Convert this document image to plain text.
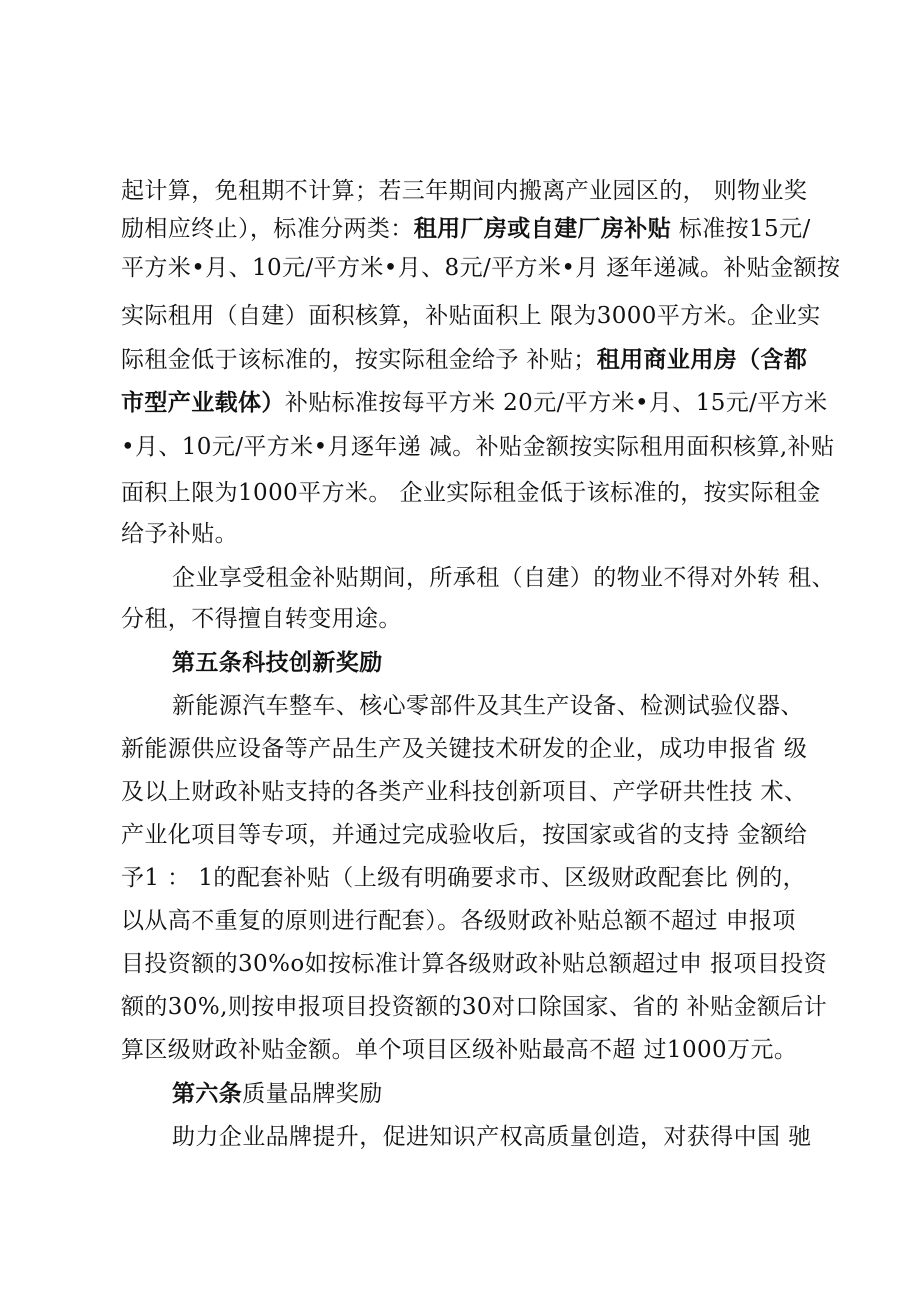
起计算，免租期不计算；若三年期间内搬离产业园区的， 则物业奖
励相应终止），标准分两类：租用厂房或自建厂房补贴 标准按15元/
平方米•月、10元/平方米•月、8元/平方米•月 逐年递减。补贴金额按
实际租用（自建）面积核算，补贴面积上 限为3000平方米。企业实
际租金低于该标准的，按实际租金给予 补贴；租用商业用房（含都
市型产业载体）补贴标准按每平方米 20元/平方米•月、15元/平方米
•月、10元/平方米•月逐年递 减。补贴金额按实际租用面积核算,补贴
面积上限为1000平方米。 企业实际租金低于该标准的，按实际租金
给予补贴。
企业享受租金补贴期间，所承租（自建）的物业不得对外转 租、
分租，不得擅自转变用途。
第五条科技创新奖励
新能源汽车整车、核心零部件及其生产设备、检测试验仪器、
新能源供应设备等产品生产及关键技术研发的企业，成功申报省 级
及以上财政补贴支持的各类产业科技创新项目、产学研共性技 术、
产业化项目等专项，并通过完成验收后，按国家或省的支持 金额给
予1 ： 1的配套补贴（上级有明确要求市、区级财政配套比 例的，
以从高不重复的原则进行配套）。各级财政补贴总额不超过 申报项
目投资额的30%o如按标准计算各级财政补贴总额超过申 报项目投资
额的30%,则按申报项目投资额的30对口除国家、省的 补贴金额后计
算区级财政补贴金额。单个项目区级补贴最高不超 过1000万元。
第六条质量品牌奖励
助力企业品牌提升，促进知识产权高质量创造，对获得中国 驰
